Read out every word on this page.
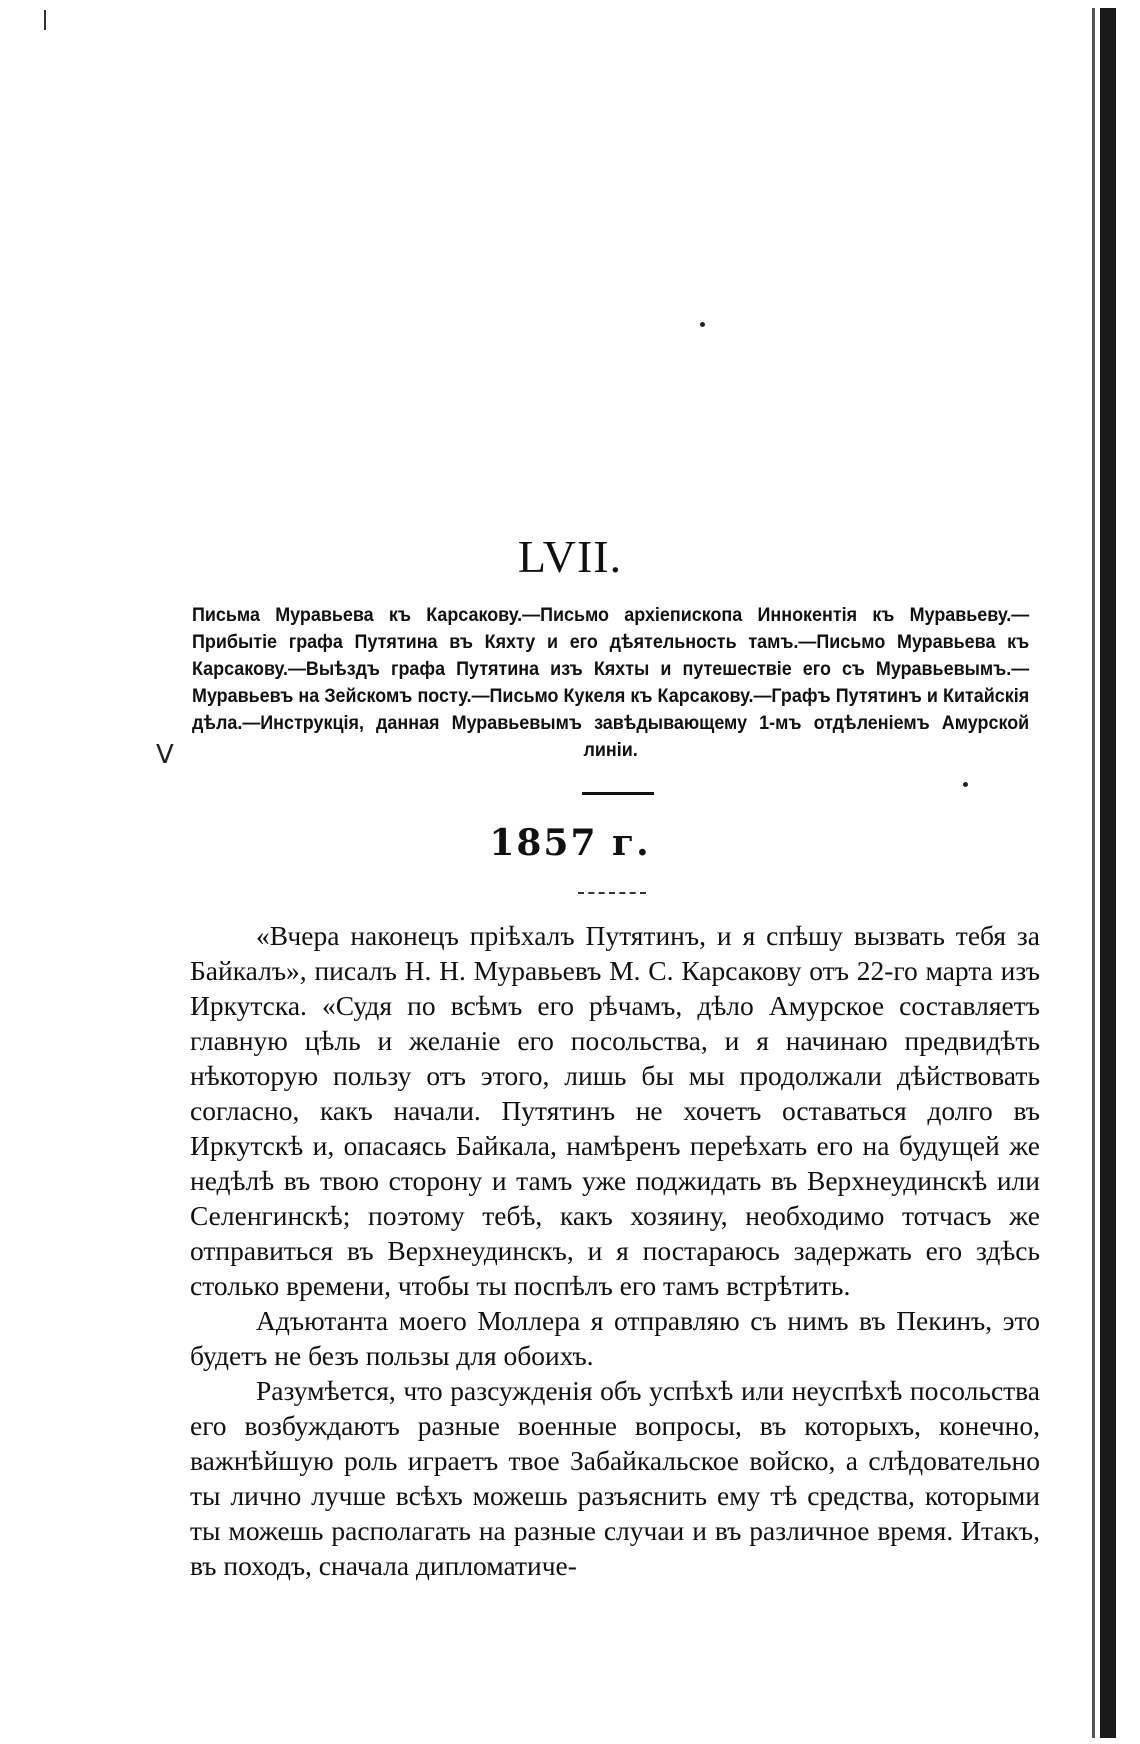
V
LVII.
Письма Муравьева къ Карсакову.—Письмо архіепископа Иннокентія къ Муравьеву.—Прибытіе графа Путятина въ Кяхту и его дѣятельность тамъ.—Письмо Муравьева къ Карсакову.—Выѣздъ графа Путятина изъ Кяхты и путешествіе его съ Муравьевымъ.—Муравьевъ на Зейскомъ посту.—Письмо Кукеля къ Карсакову.—Графъ Путятинъ и Китайскія дѣла.—Инструкція, данная Муравьевымъ завѣдывающему 1-мъ отдѣленіемъ Амурской линіи.
1857 г.

«Вчера наконецъ пріѣхалъ Путятинъ, и я спѣшу вызвать тебя за Байкалъ», писалъ Н. Н. Муравьевъ М. С. Карсакову отъ 22-го марта изъ Иркутска. «Судя по всѣмъ его рѣчамъ, дѣло Амурское составляетъ главную цѣль и желаніе его посольства, и я начинаю предвидѣть нѣкоторую пользу отъ этого, лишь бы мы продолжали дѣйствовать согласно, какъ начали. Путятинъ не хочетъ оставаться долго въ Иркутскѣ и, опасаясь Байкала, намѣренъ переѣхать его на будущей же недѣлѣ въ твою сторону и тамъ уже поджидать въ Верхнеудинскѣ или Селенгинскѣ; поэтому тебѣ, какъ хозяину, необходимо тотчасъ же отправиться въ Верхнеудинскъ, и я постараюсь задержать его здѣсь столько времени, чтобы ты поспѣлъ его тамъ встрѣтить.

Адъютанта моего Моллера я отправляю съ нимъ въ Пекинъ, это будетъ не безъ пользы для обоихъ.

Разумѣется, что разсужденія объ успѣхѣ или неуспѣхѣ посольства его возбуждаютъ разные военные вопросы, въ которыхъ, конечно, важнѣйшую роль играетъ твое Забайкальское войско, а слѣдовательно ты лично лучше всѣхъ можешь разъяснить ему тѣ средства, которыми ты можешь располагать на разные случаи и въ различное время. Итакъ, въ походъ, сначала дипломатиче-
